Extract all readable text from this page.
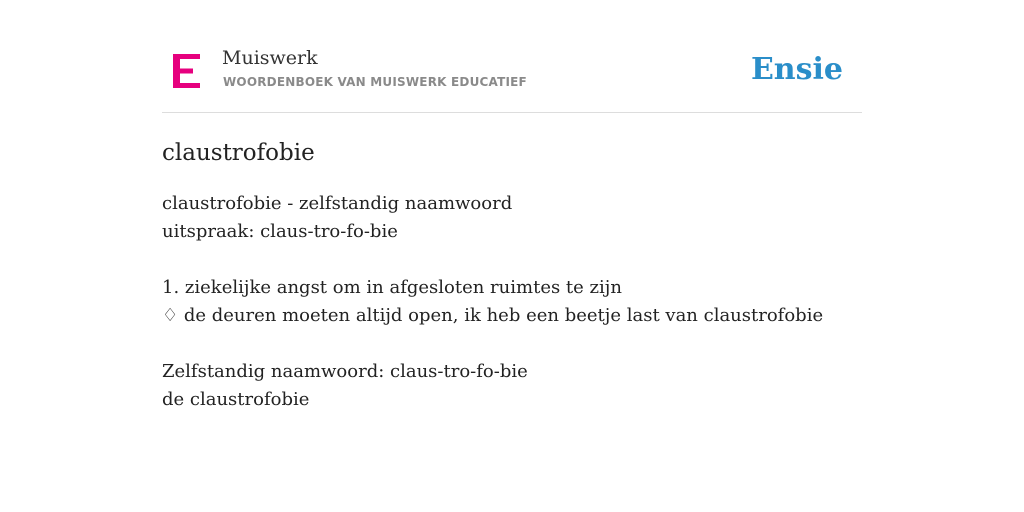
Muiswerk
WOORDENBOEK VAN MUISWERK EDUCATIEF	Ensie
claustrofobie
claustrofobie - zelfstandig naamwoord
uitspraak: claus-tro-fo-bie
1. ziekelijke angst om in afgesloten ruimtes te zijn
♢ de deuren moeten altijd open, ik heb een beetje last van claustrofobie
Zelfstandig naamwoord: claus-tro-fo-bie
de claustrofobie
